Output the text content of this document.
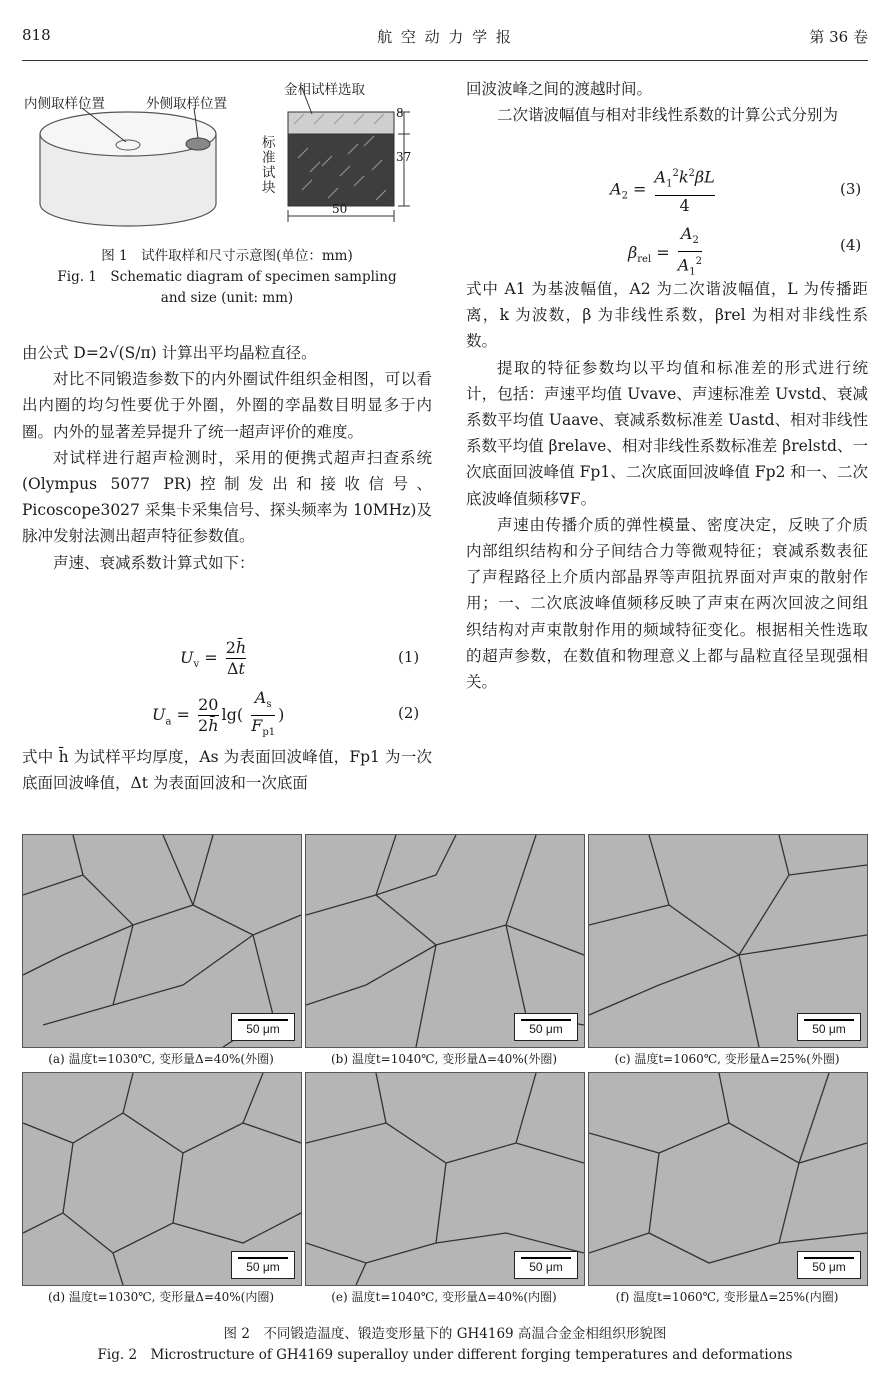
818	航 空 动 力 学 报	第 36 卷
内侧取样位置	外侧取样位置
金相试样选取
标准试块
8
37
50
图 1　试件取样和尺寸示意图(单位：mm)
Fig. 1　Schematic diagram of specimen sampling
and size (unit: mm)

由公式 D=2√(S/π) 计算出平均晶粒直径。

对比不同锻造参数下的内外圈试件组织金相图，可以看出内圈的均匀性要优于外圈，外圈的孪晶数目明显多于内圈。内外的显著差异提升了统一超声评价的难度。

对试样进行超声检测时，采用的便携式超声扫查系统(Olympus 5077 PR)控制发出和接收信号、Picoscope3027 采集卡采集信号、探头频率为 10MHz)及脉冲发射法测出超声特征参数值。

声速、衰减系数计算式如下：

$U_v = \frac{2h̄}{\Delta t}$	(1)
$U_a = \frac{20}{2h̄} \lg( \frac{A_s}{F_{p1}}$ )	(2)

式中 h̄ 为试样平均厚度，As 为表面回波峰值，Fp1 为一次底面回波峰值，Δt 为表面回波和一次底面

回波波峰之间的渡越时间。

二次谐波幅值与相对非线性系数的计算公式分别为

$A_2 = \frac{A_1^2k^2\beta L}{4}$	(3)
$\beta_{rel} = \frac{A_2}{A_1^2}$	(4)

式中 A1 为基波幅值，A2 为二次谐波幅值，L 为传播距离，k 为波数，β 为非线性系数，βrel 为相对非线性系数。

提取的特征参数均以平均值和标准差的形式进行统计，包括：声速平均值 Uvave、声速标准差 Uvstd、衰减系数平均值 Uaave、衰减系数标准差 Uastd、相对非线性系数平均值 βrelave、相对非线性系数标准差 βrelstd、一次底面回波峰值 Fp1、二次底面回波峰值 Fp2 和一、二次底波峰值频移∇F。

声速由传播介质的弹性模量、密度决定，反映了介质内部组织结构和分子间结合力等微观特征；衰减系数表征了声程路径上介质内部晶界等声阻抗界面对声束的散射作用；一、二次底波峰值频移反映了声束在两次回波之间组织结构对声束散射作用的频域特征变化。根据相关性选取的超声参数，在数值和物理意义上都与晶粒直径呈现强相关。

50 μm	50 μm	50 μm
(a) 温度t=1030℃, 变形量Δ=40%(外圈)	(b) 温度t=1040℃, 变形量Δ=40%(外圈)	(c) 温度t=1060℃, 变形量Δ=25%(外圈)
50 μm	50 μm	50 μm
(d) 温度t=1030℃, 变形量Δ=40%(内圈)	(e) 温度t=1040℃, 变形量Δ=40%(内圈)	(f) 温度t=1060℃, 变形量Δ=25%(内圈)
图 2　不同锻造温度、锻造变形量下的 GH4169 高温合金金相组织形貌图
Fig. 2　Microstructure of GH4169 superalloy under different forging temperatures and deformations
